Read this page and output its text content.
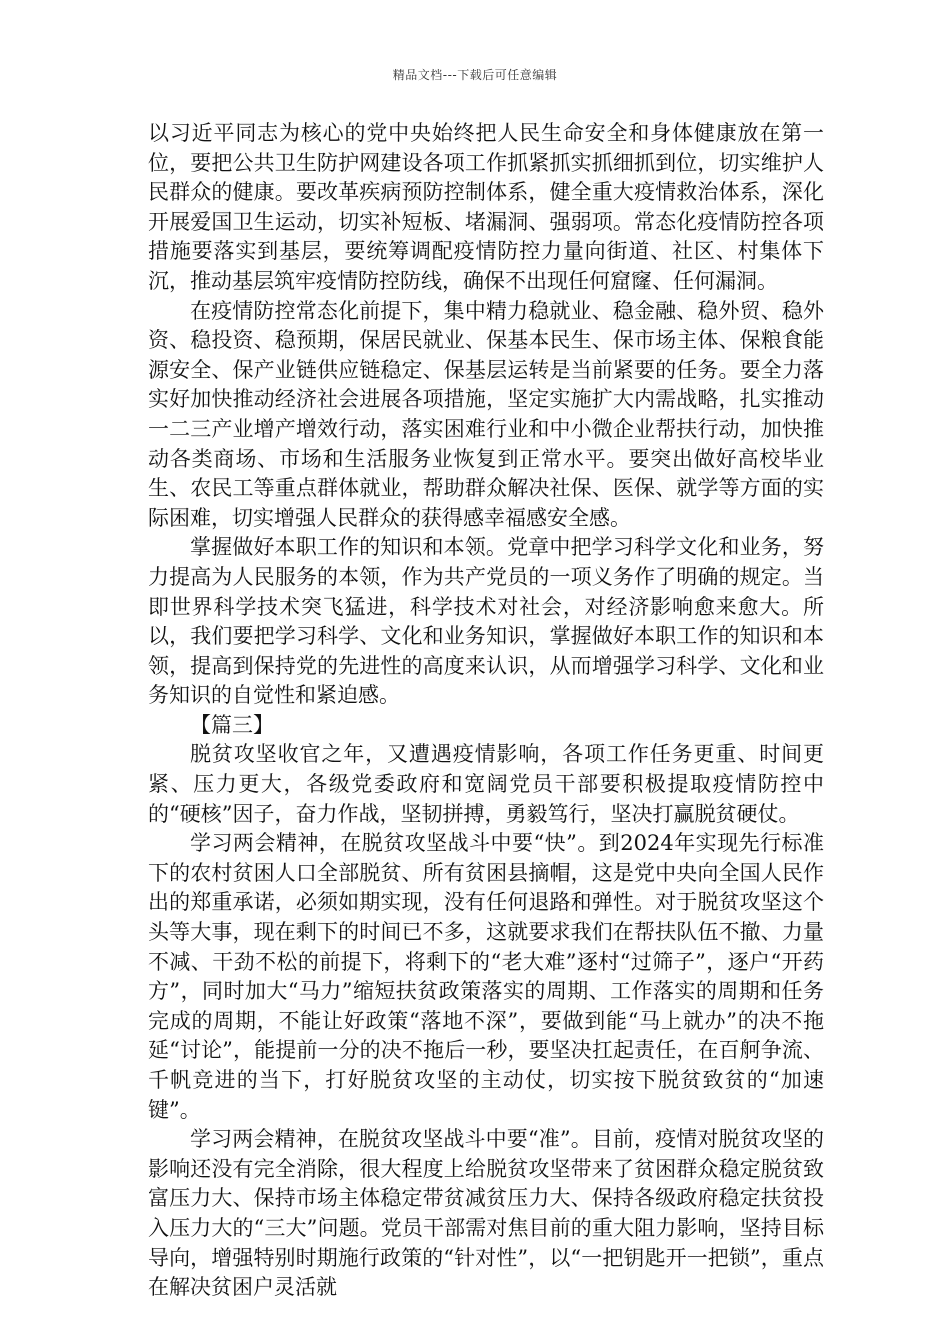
精品文档---下载后可任意编辑

以习近平同志为核心的党中央始终把人民生命安全和身体健康放在第一位，要把公共卫生防护网建设各项工作抓紧抓实抓细抓到位，切实维护人民群众的健康。要改革疾病预防控制体系，健全重大疫情救治体系，深化开展爱国卫生运动，切实补短板、堵漏洞、强弱项。常态化疫情防控各项措施要落实到基层，要统筹调配疫情防控力量向街道、社区、村集体下沉，推动基层筑牢疫情防控防线，确保不出现任何窟窿、任何漏洞。

在疫情防控常态化前提下，集中精力稳就业、稳金融、稳外贸、稳外资、稳投资、稳预期，保居民就业、保基本民生、保市场主体、保粮食能源安全、保产业链供应链稳定、保基层运转是当前紧要的任务。要全力落实好加快推动经济社会进展各项措施，坚定实施扩大内需战略，扎实推动一二三产业增产增效行动，落实困难行业和中小微企业帮扶行动，加快推动各类商场、市场和生活服务业恢复到正常水平。要突出做好高校毕业生、农民工等重点群体就业，帮助群众解决社保、医保、就学等方面的实际困难，切实增强人民群众的获得感幸福感安全感。

掌握做好本职工作的知识和本领。党章中把学习科学文化和业务，努力提高为人民服务的本领，作为共产党员的一项义务作了明确的规定。当即世界科学技术突飞猛进，科学技术对社会，对经济影响愈来愈大。所以，我们要把学习科学、文化和业务知识，掌握做好本职工作的知识和本领，提高到保持党的先进性的高度来认识，从而增强学习科学、文化和业务知识的自觉性和紧迫感。

【篇三】

脱贫攻坚收官之年，又遭遇疫情影响，各项工作任务更重、时间更紧、压力更大，各级党委政府和宽阔党员干部要积极提取疫情防控中的“硬核”因子，奋力作战，坚韧拼搏，勇毅笃行，坚决打赢脱贫硬仗。

学习两会精神，在脱贫攻坚战斗中要“快”。到2024年实现先行标准下的农村贫困人口全部脱贫、所有贫困县摘帽，这是党中央向全国人民作出的郑重承诺，必须如期实现，没有任何退路和弹性。对于脱贫攻坚这个头等大事，现在剩下的时间已不多，这就要求我们在帮扶队伍不撤、力量不减、干劲不松的前提下，将剩下的“老大难”逐村“过筛子”，逐户“开药方”，同时加大“马力”缩短扶贫政策落实的周期、工作落实的周期和任务完成的周期，不能让好政策“落地不深”，要做到能“马上就办”的决不拖延“讨论”，能提前一分的决不拖后一秒，要坚决扛起责任，在百舸争流、千帆竞进的当下，打好脱贫攻坚的主动仗，切实按下脱贫致贫的“加速键”。

学习两会精神，在脱贫攻坚战斗中要“准”。目前，疫情对脱贫攻坚的影响还没有完全消除，很大程度上给脱贫攻坚带来了贫困群众稳定脱贫致富压力大、保持市场主体稳定带贫减贫压力大、保持各级政府稳定扶贫投入压力大的“三大”问题。党员干部需对焦目前的重大阻力影响，坚持目标导向，增强特别时期施行政策的“针对性”，以“一把钥匙开一把锁”，重点在解决贫困户灵活就
